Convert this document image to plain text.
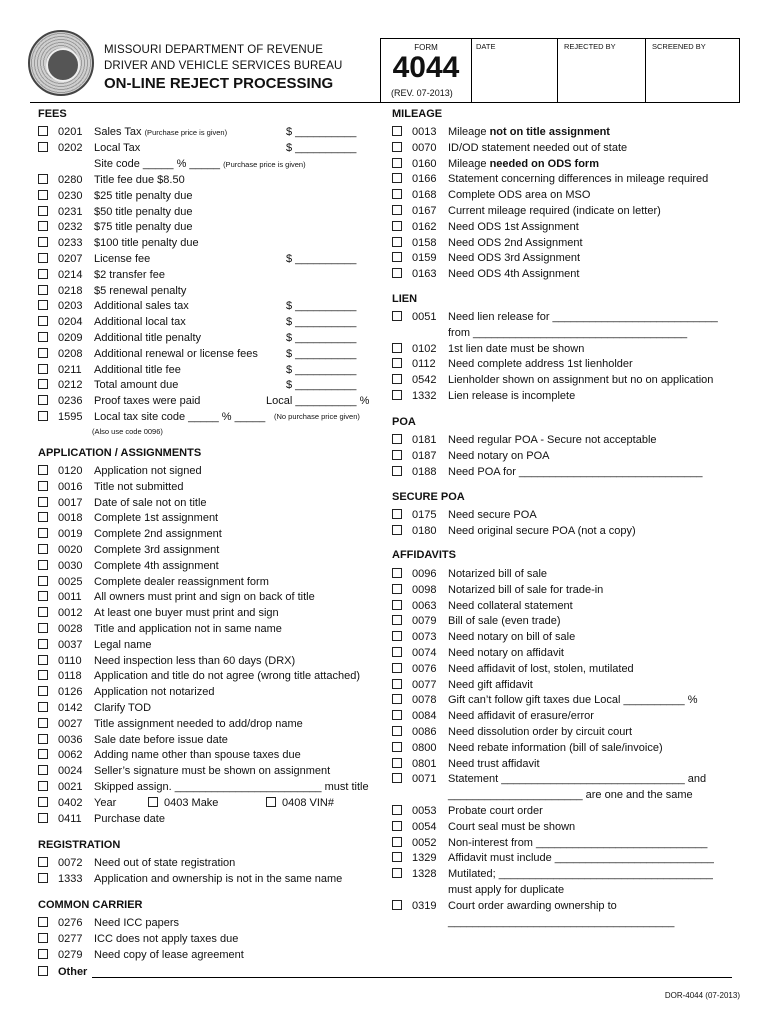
MISSOURI DEPARTMENT OF REVENUE
DRIVER AND VEHICLE SERVICES BUREAU
ON-LINE REJECT PROCESSING
FORM
4044
(REV. 07-2013)
DATE	REJECTED BY	SCREENED BY
FEES
0201 Sales Tax (Purchase price is given)	$ __________
0202 Local Tax	$ __________
Site code _____ % _____ (Purchase price is given)
0280 Title fee due $8.50
0230 $25 title penalty due
0231 $50 title penalty due
0232 $75 title penalty due
0233 $100 title penalty due
0207 License fee	$ __________
0214 $2 transfer fee
0218 $5 renewal penalty
0203 Additional sales tax	$ __________
0204 Additional local tax	$ __________
0209 Additional title penalty	$ __________
0208 Additional renewal or license fees	$ __________
0211 Additional title fee	$ __________
0212 Total amount due	$ __________
0236 Proof taxes were paid	Local __________ %
1595 Local tax site code _____ % _____ (No purchase price given)
(Also use code 0096)
APPLICATION / ASSIGNMENTS
0120 Application not signed
0016 Title not submitted
0017 Date of sale not on title
0018 Complete 1st assignment
0019 Complete 2nd assignment
0020 Complete 3rd assignment
0030 Complete 4th assignment
0025 Complete dealer reassignment form
0011 All owners must print and sign on back of title
0012 At least one buyer must print and sign
0028 Title and application not in same name
0037 Legal name
0110 Need inspection less than 60 days (DRX)
0118 Application and title do not agree (wrong title attached)
0126 Application not notarized
0142 Clarify TOD
0027 Title assignment needed to add/drop name
0036 Sale date before issue date
0062 Adding name other than spouse taxes due
0024 Seller’s signature must be shown on assignment
0021 Skipped assign. ________________________ must title
0402 Year	0403 Make	0408 VIN#
0411 Purchase date
REGISTRATION
0072 Need out of state registration
1333 Application and ownership is not in the same name
COMMON CARRIER
0276 Need ICC papers
0277 ICC does not apply taxes due
0279 Need copy of lease agreement
MILEAGE
0013 Mileage not on title assignment
0070 ID/OD statement needed out of state
0160 Mileage needed on ODS form
0166 Statement concerning differences in mileage required
0168 Complete ODS area on MSO
0167 Current mileage required (indicate on letter)
0162 Need ODS 1st Assignment
0158 Need ODS 2nd Assignment
0159 Need ODS 3rd Assignment
0163 Need ODS 4th Assignment
LIEN
0051 Need lien release for ___________________________
from ___________________________________
0102 1st lien date must be shown
0112 Need complete address 1st lienholder
0542 Lienholder shown on assignment but no on application
1332 Lien release is incomplete
POA
0181 Need regular POA - Secure not acceptable
0187 Need notary on POA
0188 Need POA for ______________________________
SECURE POA
0175 Need secure POA
0180 Need original secure POA (not a copy)
AFFIDAVITS
0096 Notarized bill of sale
0098 Notarized bill of sale for trade-in
0063 Need collateral statement
0079 Bill of sale (even trade)
0073 Need notary on bill of sale
0074 Need notary on affidavit
0076 Need affidavit of lost, stolen, mutilated
0077 Need gift affidavit
0078 Gift can’t follow gift taxes due Local __________ %
0084 Need affidavit of erasure/error
0086 Need dissolution order by circuit court
0800 Need rebate information (bill of sale/invoice)
0801 Need trust affidavit
0071 Statement ______________________________ and
______________________ are one and the same
0053 Probate court order
0054 Court seal must be shown
0052 Non-interest from ____________________________
1329 Affidavit must include __________________________
1328 Mutilated; ___________________________________
must apply for duplicate
0319 Court order awarding ownership to
_____________________________________
Other
DOR-4044 (07-2013)
